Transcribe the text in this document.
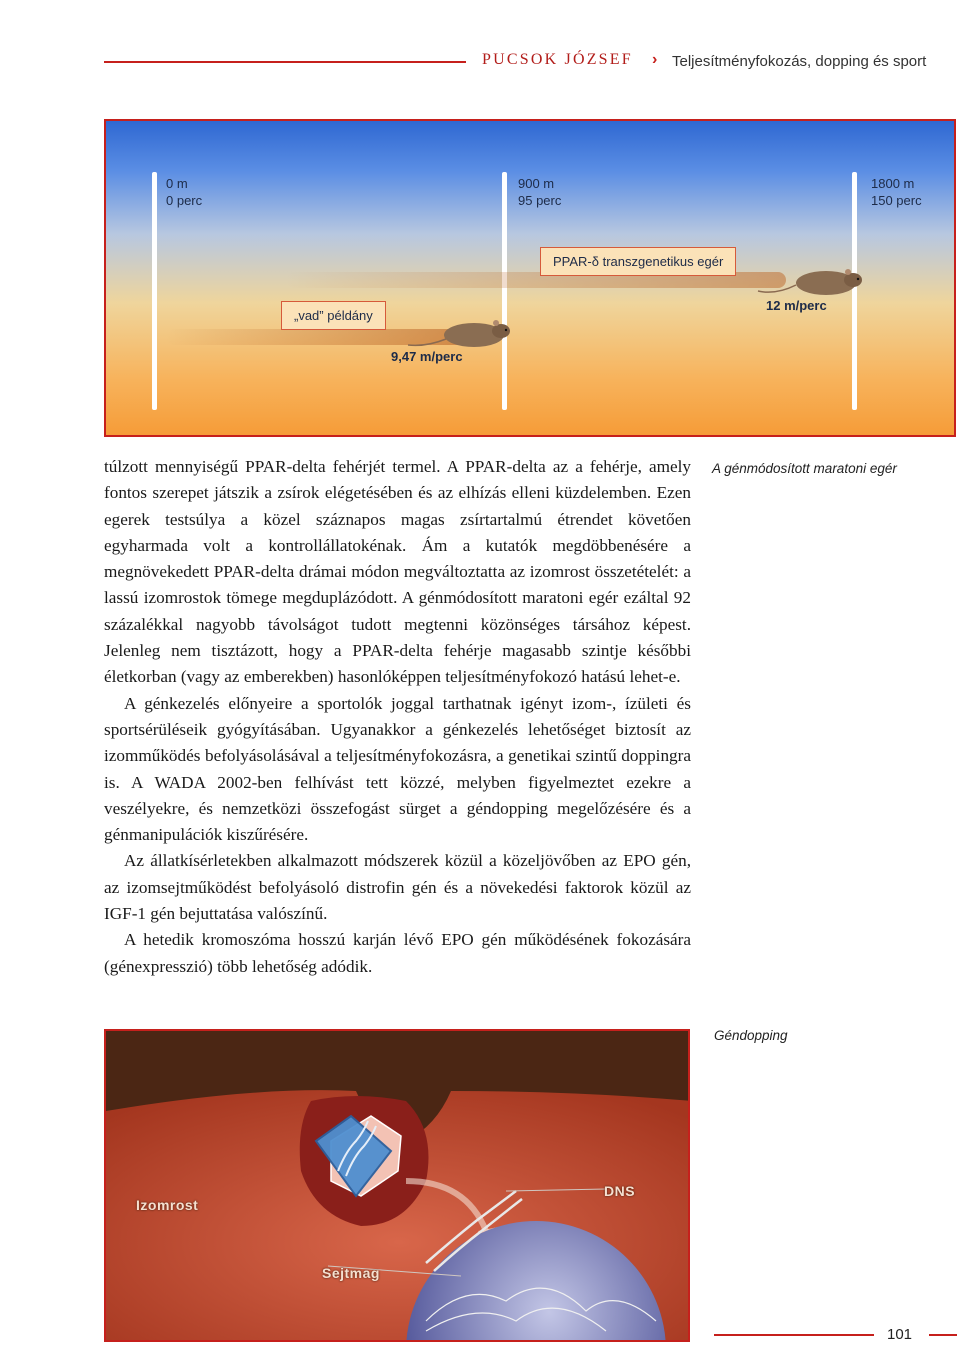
PUCSOK JÓZSEF › Teljesítményfokozás, dopping és sport
0 m
0 perc
900 m
95 perc
1800 m
150 perc
PPAR-δ transzgenetikus egér
„vad” példány
12 m/perc
9,47 m/perc
A génmódosított maratoni egér

túlzott mennyiségű PPAR-delta fehérjét termel. A PPAR-delta az a fehérje, amely fontos szerepet játszik a zsírok elégetésében és az elhízás elleni küzdelemben. Ezen egerek testsúlya a közel száznapos magas zsírtartalmú étrendet követően egyharmada volt a kontrollállatokénak. Ám a kutatók megdöbbenésére a megnövekedett PPAR-delta drámai módon megváltoztatta az izomrost összetételét: a lassú izomrostok tömege megduplázódott. A génmódosított maratoni egér ezáltal 92 százalékkal nagyobb távolságot tudott megtenni közönséges társához képest. Jelenleg nem tisztázott, hogy a PPAR-delta fehérje magasabb szintje későbbi életkorban (vagy az emberekben) hasonlóképpen teljesítményfokozó hatású lehet-e.

A génkezelés előnyeire a sportolók joggal tarthatnak igényt izom-, ízületi és sportsérüléseik gyógyításában. Ugyanakkor a génkezelés lehetőséget biztosít az izomműködés befolyásolásával a teljesítményfokozásra, a genetikai szintű doppingra is. A WADA 2002-ben felhívást tett közzé, melyben figyelmeztet ezekre a veszélyekre, és nemzetközi összefogást sürget a géndopping megelőzésére és a génmanipulációk kiszűrésére.

Az állatkísérletekben alkalmazott módszerek közül a közeljövőben az EPO gén, az izomsejtműködést befolyásoló distrofin gén és a növekedési faktorok közül az IGF-1 gén bejuttatása valószínű.

A hetedik kromoszóma hosszú karján lévő EPO gén működésének fokozására (génexpresszió) több lehetőség adódik.

Izomrost
DNS
Sejtmag
Géndopping
101
